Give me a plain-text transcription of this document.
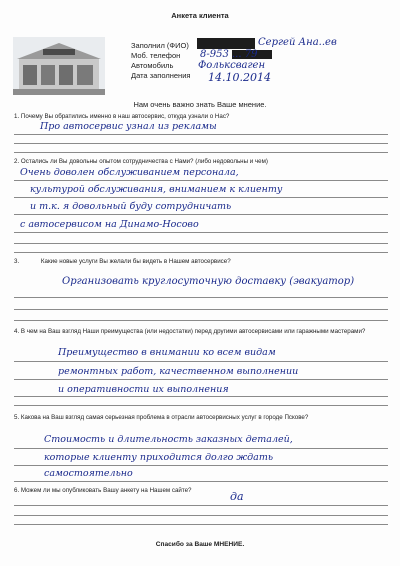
Анкета клиента
Заполнил (ФИО)
Моб. телефон
Автомобиль
Дата заполнения
Сергей Ана..ев
8-953 ... 79
Фольксваген
14.10.2014
Нам очень важно знать Ваше мнение.
1. Почему Вы обратились именно в наш автосервис, откуда узнали о Нас?
Про автосервис узнал из рекламы
2. Остались ли Вы довольны опытом сотрудничества с Нами? (либо недовольны и чем)
Очень доволен обслуживанием персонала,
культурой обслуживания, вниманием к клиенту
и т.к. я довольный буду сотрудничать
с автосервисом на Динамо-Носово
3.	Какие новые услуги Вы желали бы видеть в Нашем автосервисе?
Организовать круглосуточную доставку (эвакуатор)
4. В чем на Ваш взгляд Наши преимущества (или недостатки) перед другими автосервисами или гаражными мастерами?
Преимущество в внимании ко всем видам
ремонтных работ, качественном выполнении
и оперативности их выполнения
5. Какова на Ваш взгляд самая серьезная проблема в отрасли автосервисных услуг в городе Пскове?
Стоимость и длительность заказных деталей,
которые клиенту приходится долго ждать
самостоятельно
6. Можем ли мы опубликовать Вашу анкету на Нашем сайте?	да
Спасибо за Ваше МНЕНИЕ.
